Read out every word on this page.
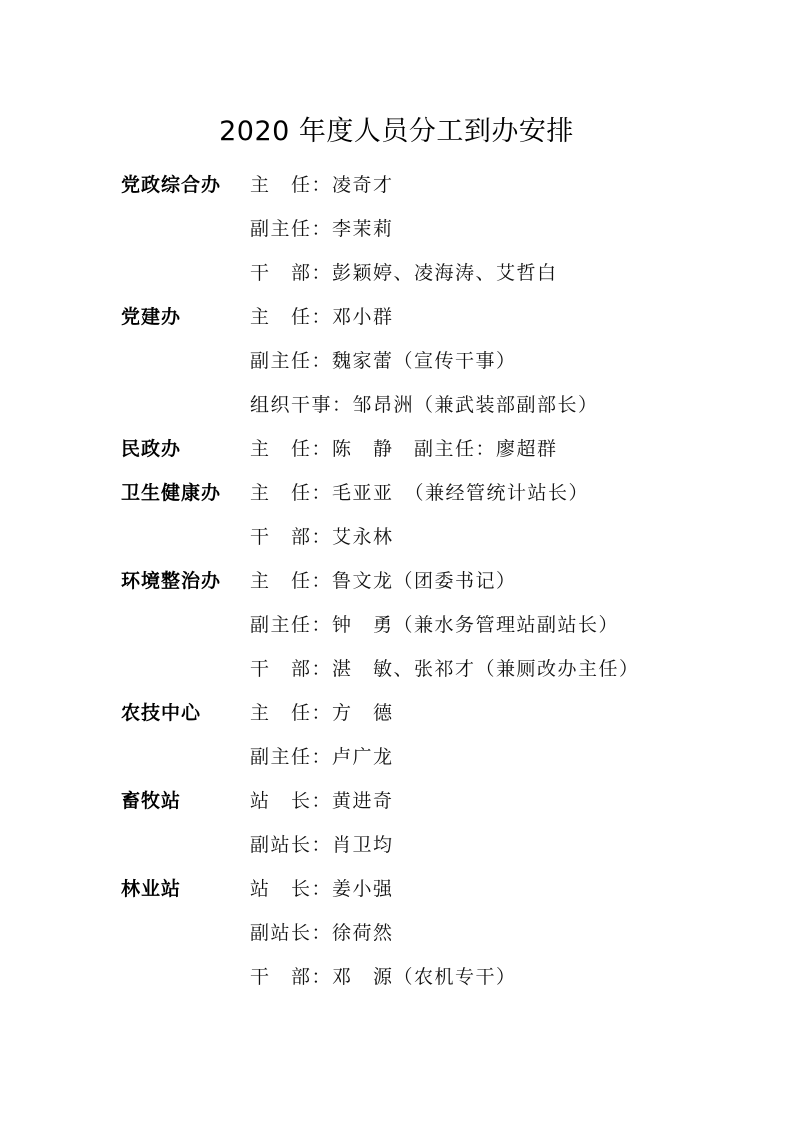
2020 年度人员分工到办安排
党政综合办 主　任：凌奇才
副主任：李茉莉
干　部：彭颖婷、凌海涛、艾哲白
党建办	主　任：邓小群
副主任：魏家蕾（宣传干事）
组织干事：邹昂洲（兼武装部副部长）
民政办	主　任：陈　静　副主任：廖超群
卫生健康办 主　任：毛亚亚　（兼经管统计站长）
干　部：艾永林
环境整治办 主　任：鲁文龙（团委书记）
副主任：钟　勇（兼水务管理站副站长）
干　部：湛　敏、张祁才（兼厕改办主任）
农技中心	主　任：方　德
副主任：卢广龙
畜牧站	站　长：黄进奇
副站长：肖卫均
林业站	站　长：姜小强
副站长：徐荷然
干　部：邓　源（农机专干）
